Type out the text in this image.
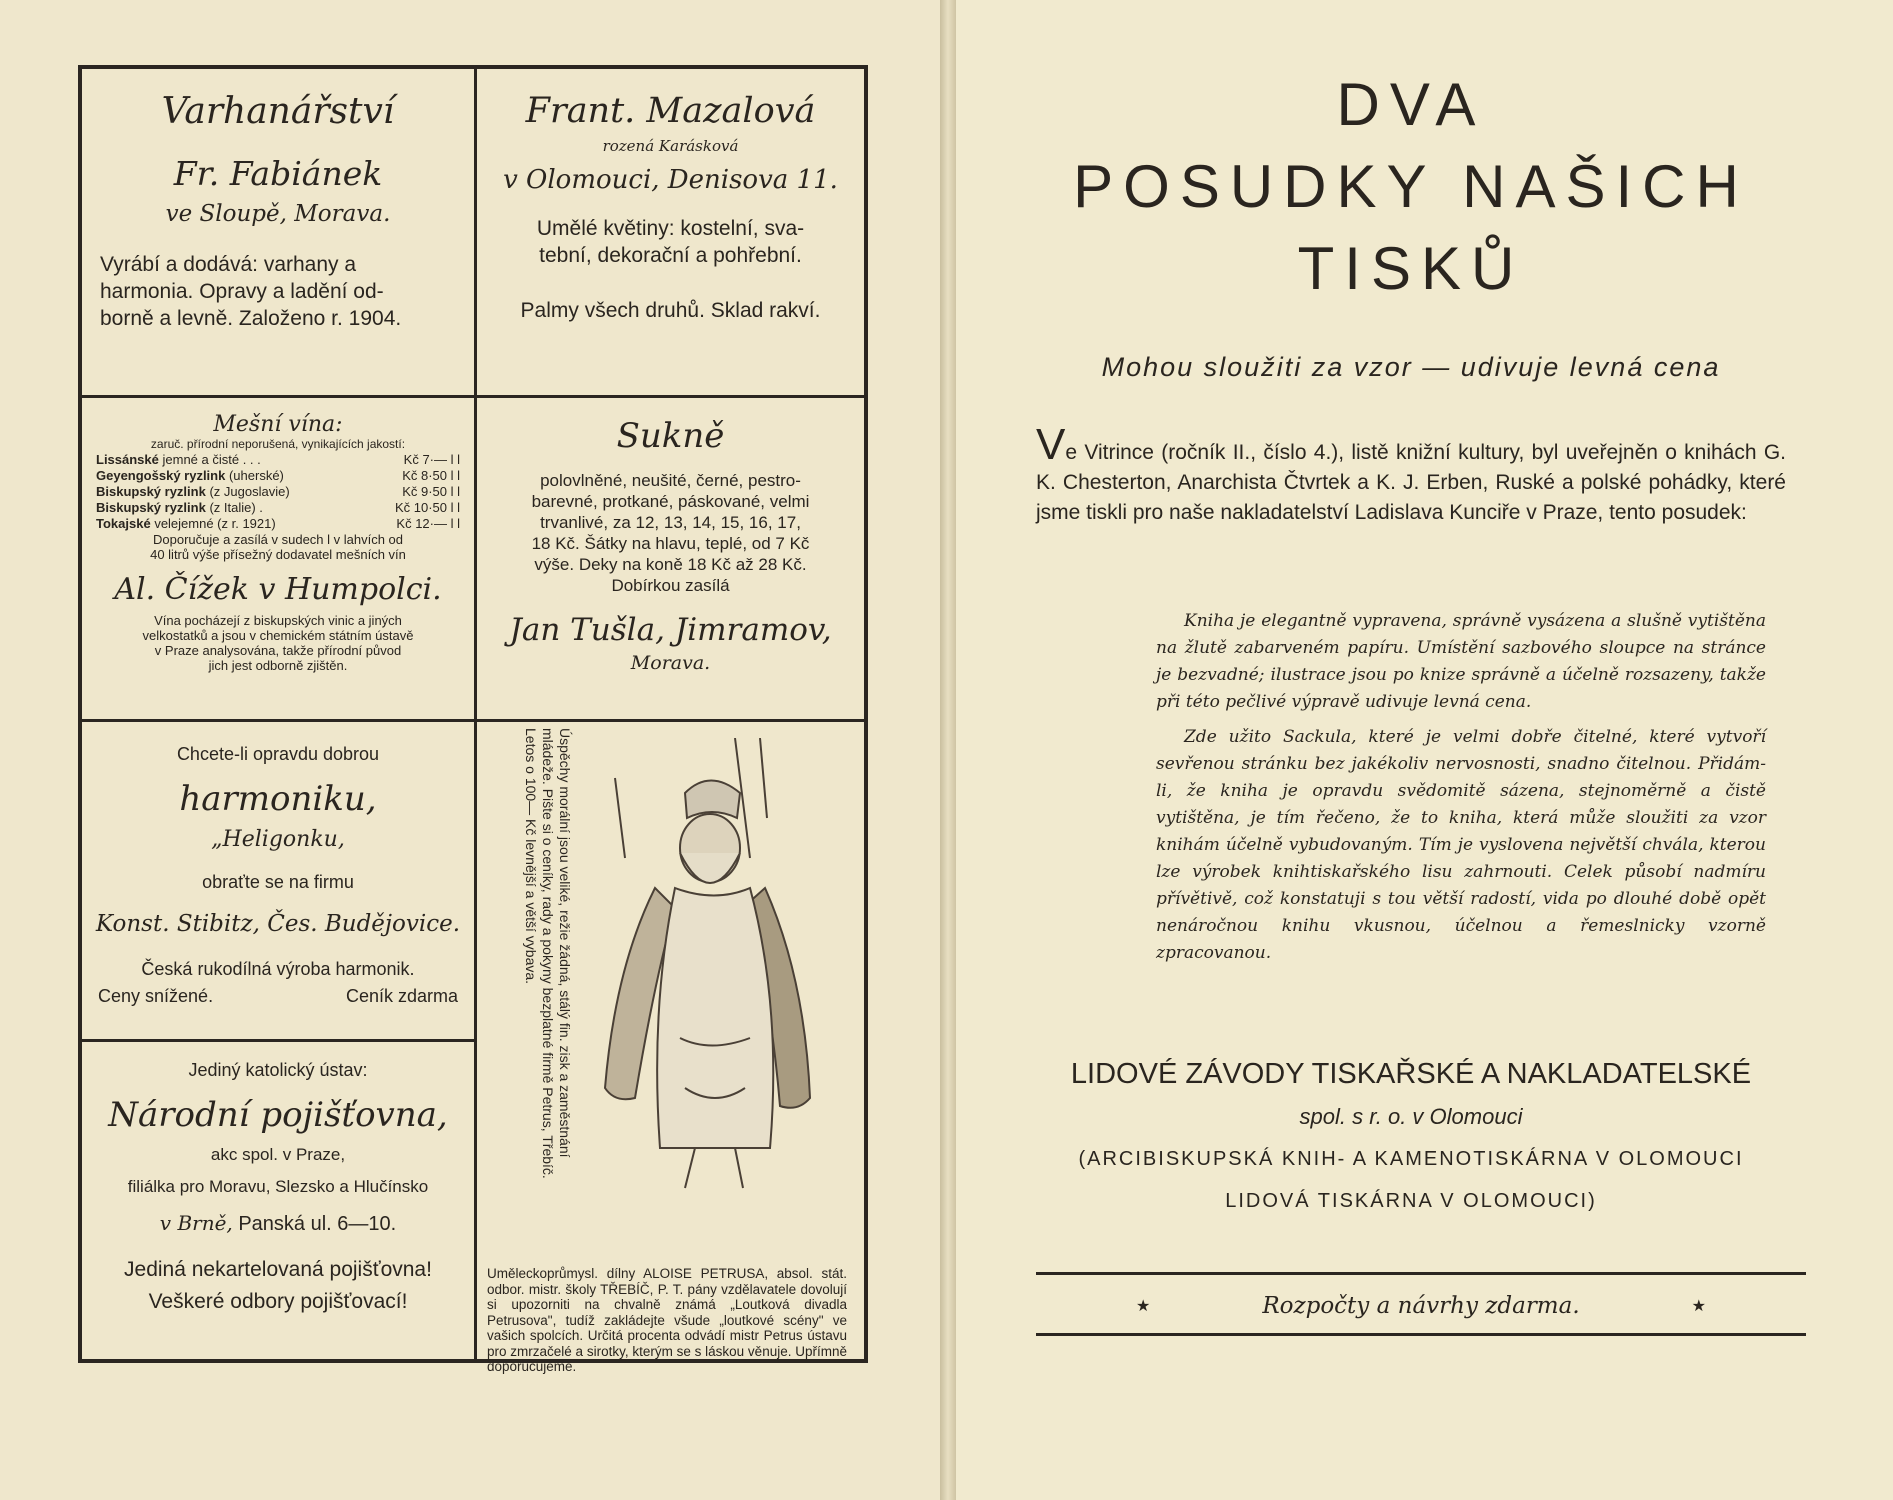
Varhanářství

Fr. Fabiánek

ve Sloupě, Morava.

Vyrábí a dodává: varhany a

harmonia. Opravy a ladění od-

borně a levně. Založeno r. 1904.

Frant. Mazalová

rozená Karásková

v Olomouci, Denisova 11.

Umělé květiny: kostelní, sva-

tební, dekorační a pohřební.

Palmy všech druhů. Sklad rakví.

Mešní vína:

zaruč. přírodní neporušená, vynikajících jakostí:

Lissánské jemné a čisté . . .	Kč 7·— l l
Geyengošský ryzlink (uherské)	Kč 8·50 l l
Biskupský ryzlink (z Jugoslavie)	Kč 9·50 l l
Biskupský ryzlink (z Italie) .	Kč 10·50 l l
Tokajské velejemné (z r. 1921)	Kč 12·— l l

Doporučuje a zasílá v sudech l v lahvích od

40 litrů výše přísežný dodavatel mešních vín

Al. Čížek v Humpolci.

Vína pocházejí z biskupských vinic a jiných

velkostatků a jsou v chemickém státním ústavě

v Praze analysována, takže přírodní původ

jich jest odborně zjištěn.

Sukně

polovlněné, neušité, černé, pestro-

barevné, protkané, páskované, velmi

trvanlivé, za 12, 13, 14, 15, 16, 17,

18 Kč. Šátky na hlavu, teplé, od 7 Kč

výše. Deky na koně 18 Kč až 28 Kč.

Dobírkou zasílá

Jan Tušla, Jimramov,

Morava.

Chcete-li opravdu dobrou

harmoniku,

„Heligonku,

obraťte se na firmu

Konst. Stibitz, Čes. Budějovice.

Česká rukodílná výroba harmonik.

Ceny snížené.	Ceník zdarma

Jediný katolický ústav:

Národní pojišťovna,

akc spol. v Praze,

filiálka pro Moravu, Slezsko a Hlučínsko

v Brně, Panská ul. 6—10.

Jediná nekartelovaná pojišťovna!

Veškeré odbory pojišťovací!

Úspěchy morální jsou veliké, režie žádná, stálý fin. zisk a zaměstnání mládeže. Pište si o ceníky, rady a pokyny bezplatné firmě Petrus, Třebíč. Letos o 100— Kč levnější a větší vybava.

Uměleckoprůmysl. dílny ALOISE PETRUSA, absol. stát. odbor. mistr. školy TŘEBÍČ, P. T. pány vzdělavatele dovolují si upozorniti na chvalně známá „Loutková divadla Petrusova", tudíž zakládejte všude „loutkové scény" ve vašich spolcích. Určitá procenta odvádí mistr Petrus ústavu pro zmrzačelé a sirotky, kterým se s láskou věnuje. Upřímně doporučujeme.

DVA

POSUDKY NAŠICH

TISKŮ

Mohou sloužiti za vzor — udivuje levná cena

Ve Vitrince (ročník II., číslo 4.), listě knižní kultury, byl uveřejněn o knihách G. K. Chesterton, Anarchista Čtvrtek a K. J. Erben, Ruské a polské pohádky, které jsme tiskli pro naše nakladatelství Ladislava Kunciře v Praze, tento posudek:

Kniha je elegantně vypravena, správně vysázena a slušně vytištěna na žlutě zabarveném papíru. Umístění sazbového sloupce na stránce je bezvadné; ilustrace jsou po knize správně a účelně rozsazeny, takže při této pečlivé výpravě udivuje levná cena.

Zde užito Sackula, které je velmi dobře čitelné, které vytvoří sevřenou stránku bez jakékoliv nervosnosti, snadno čitelnou. Přidám-li, že kniha je opravdu svědomitě sázena, stejnoměrně a čistě vytištěna, je tím řečeno, že to kniha, která může sloužiti za vzor knihám účelně vybudovaným. Tím je vyslovena největší chvála, kterou lze výrobek knihtiskařského lisu zahrnouti. Celek působí nadmíru přívětivě, což konstatuji s tou větší radostí, vida po dlouhé době opět nenáročnou knihu vkusnou, účelnou a řemeslnicky vzorně zpracovanou.

LIDOVÉ ZÁVODY TISKAŘSKÉ A NAKLADATELSKÉ

spol. s r. o. v Olomouci

(ARCIBISKUPSKÁ KNIH- A KAMENOTISKÁRNA V OLOMOUCI

LIDOVÁ TISKÁRNA V OLOMOUCI)

★	Rozpočty a návrhy zdarma.	★
